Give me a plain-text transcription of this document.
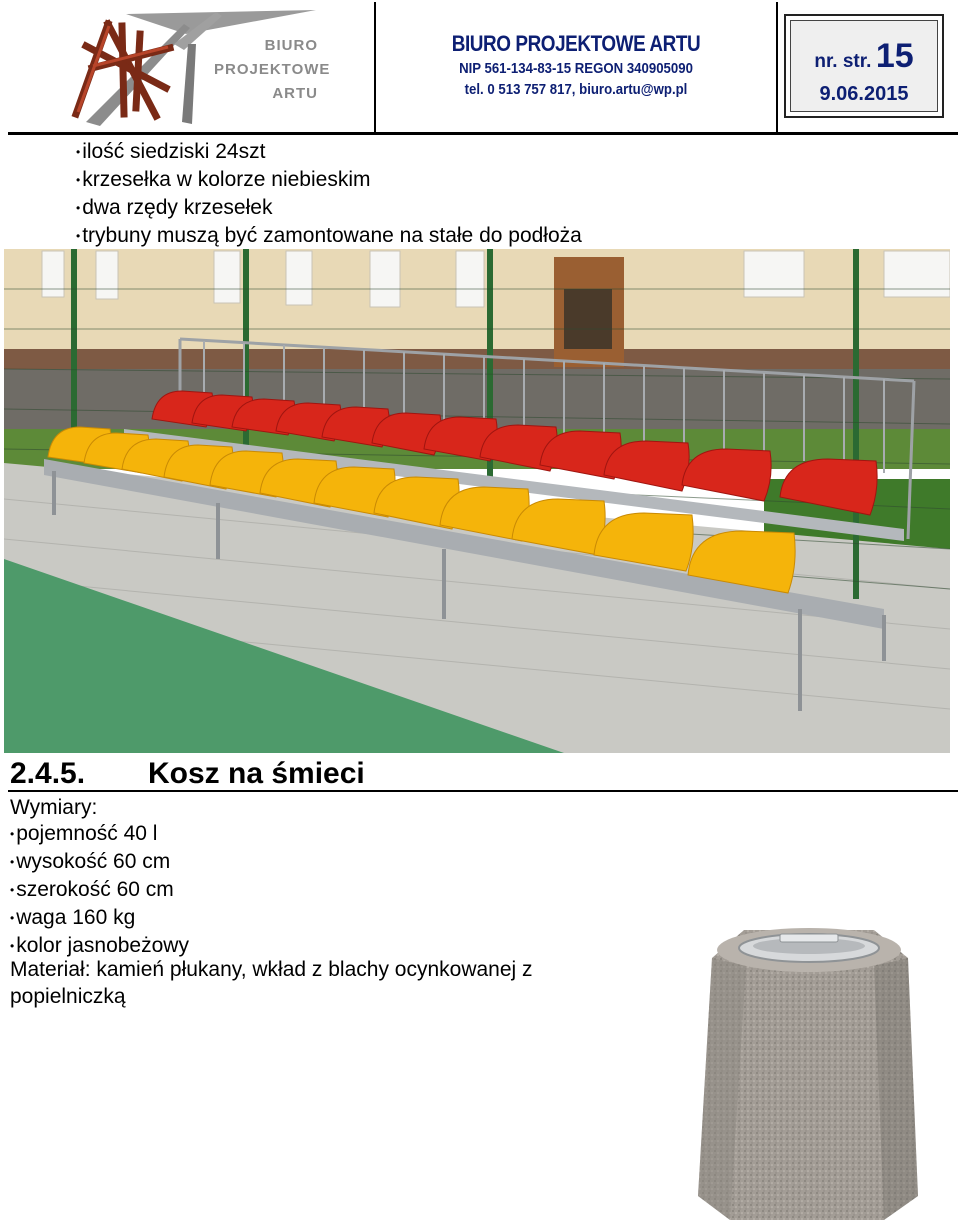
BIURO
PROJEKTOWE
ARTU
BIURO PROJEKTOWE ARTU
NIP 561-134-83-15 REGON 340905090
tel. 0 513 757 817, biuro.artu@wp.pl
nr. str. 15
9.06.2015
•ilość siedziski 24szt
•krzesełka w kolorze niebieskim
•dwa rzędy krzesełek
•trybuny muszą być zamontowane na stałe do podłoża
2.4.5. Kosz na śmieci
Wymiary:
•pojemność 40 l
•wysokość 60 cm
•szerokość 60 cm
•waga 160 kg
•kolor jasnobeżowy
Materiał: kamień płukany, wkład z blachy ocynkowanej z popielniczką
